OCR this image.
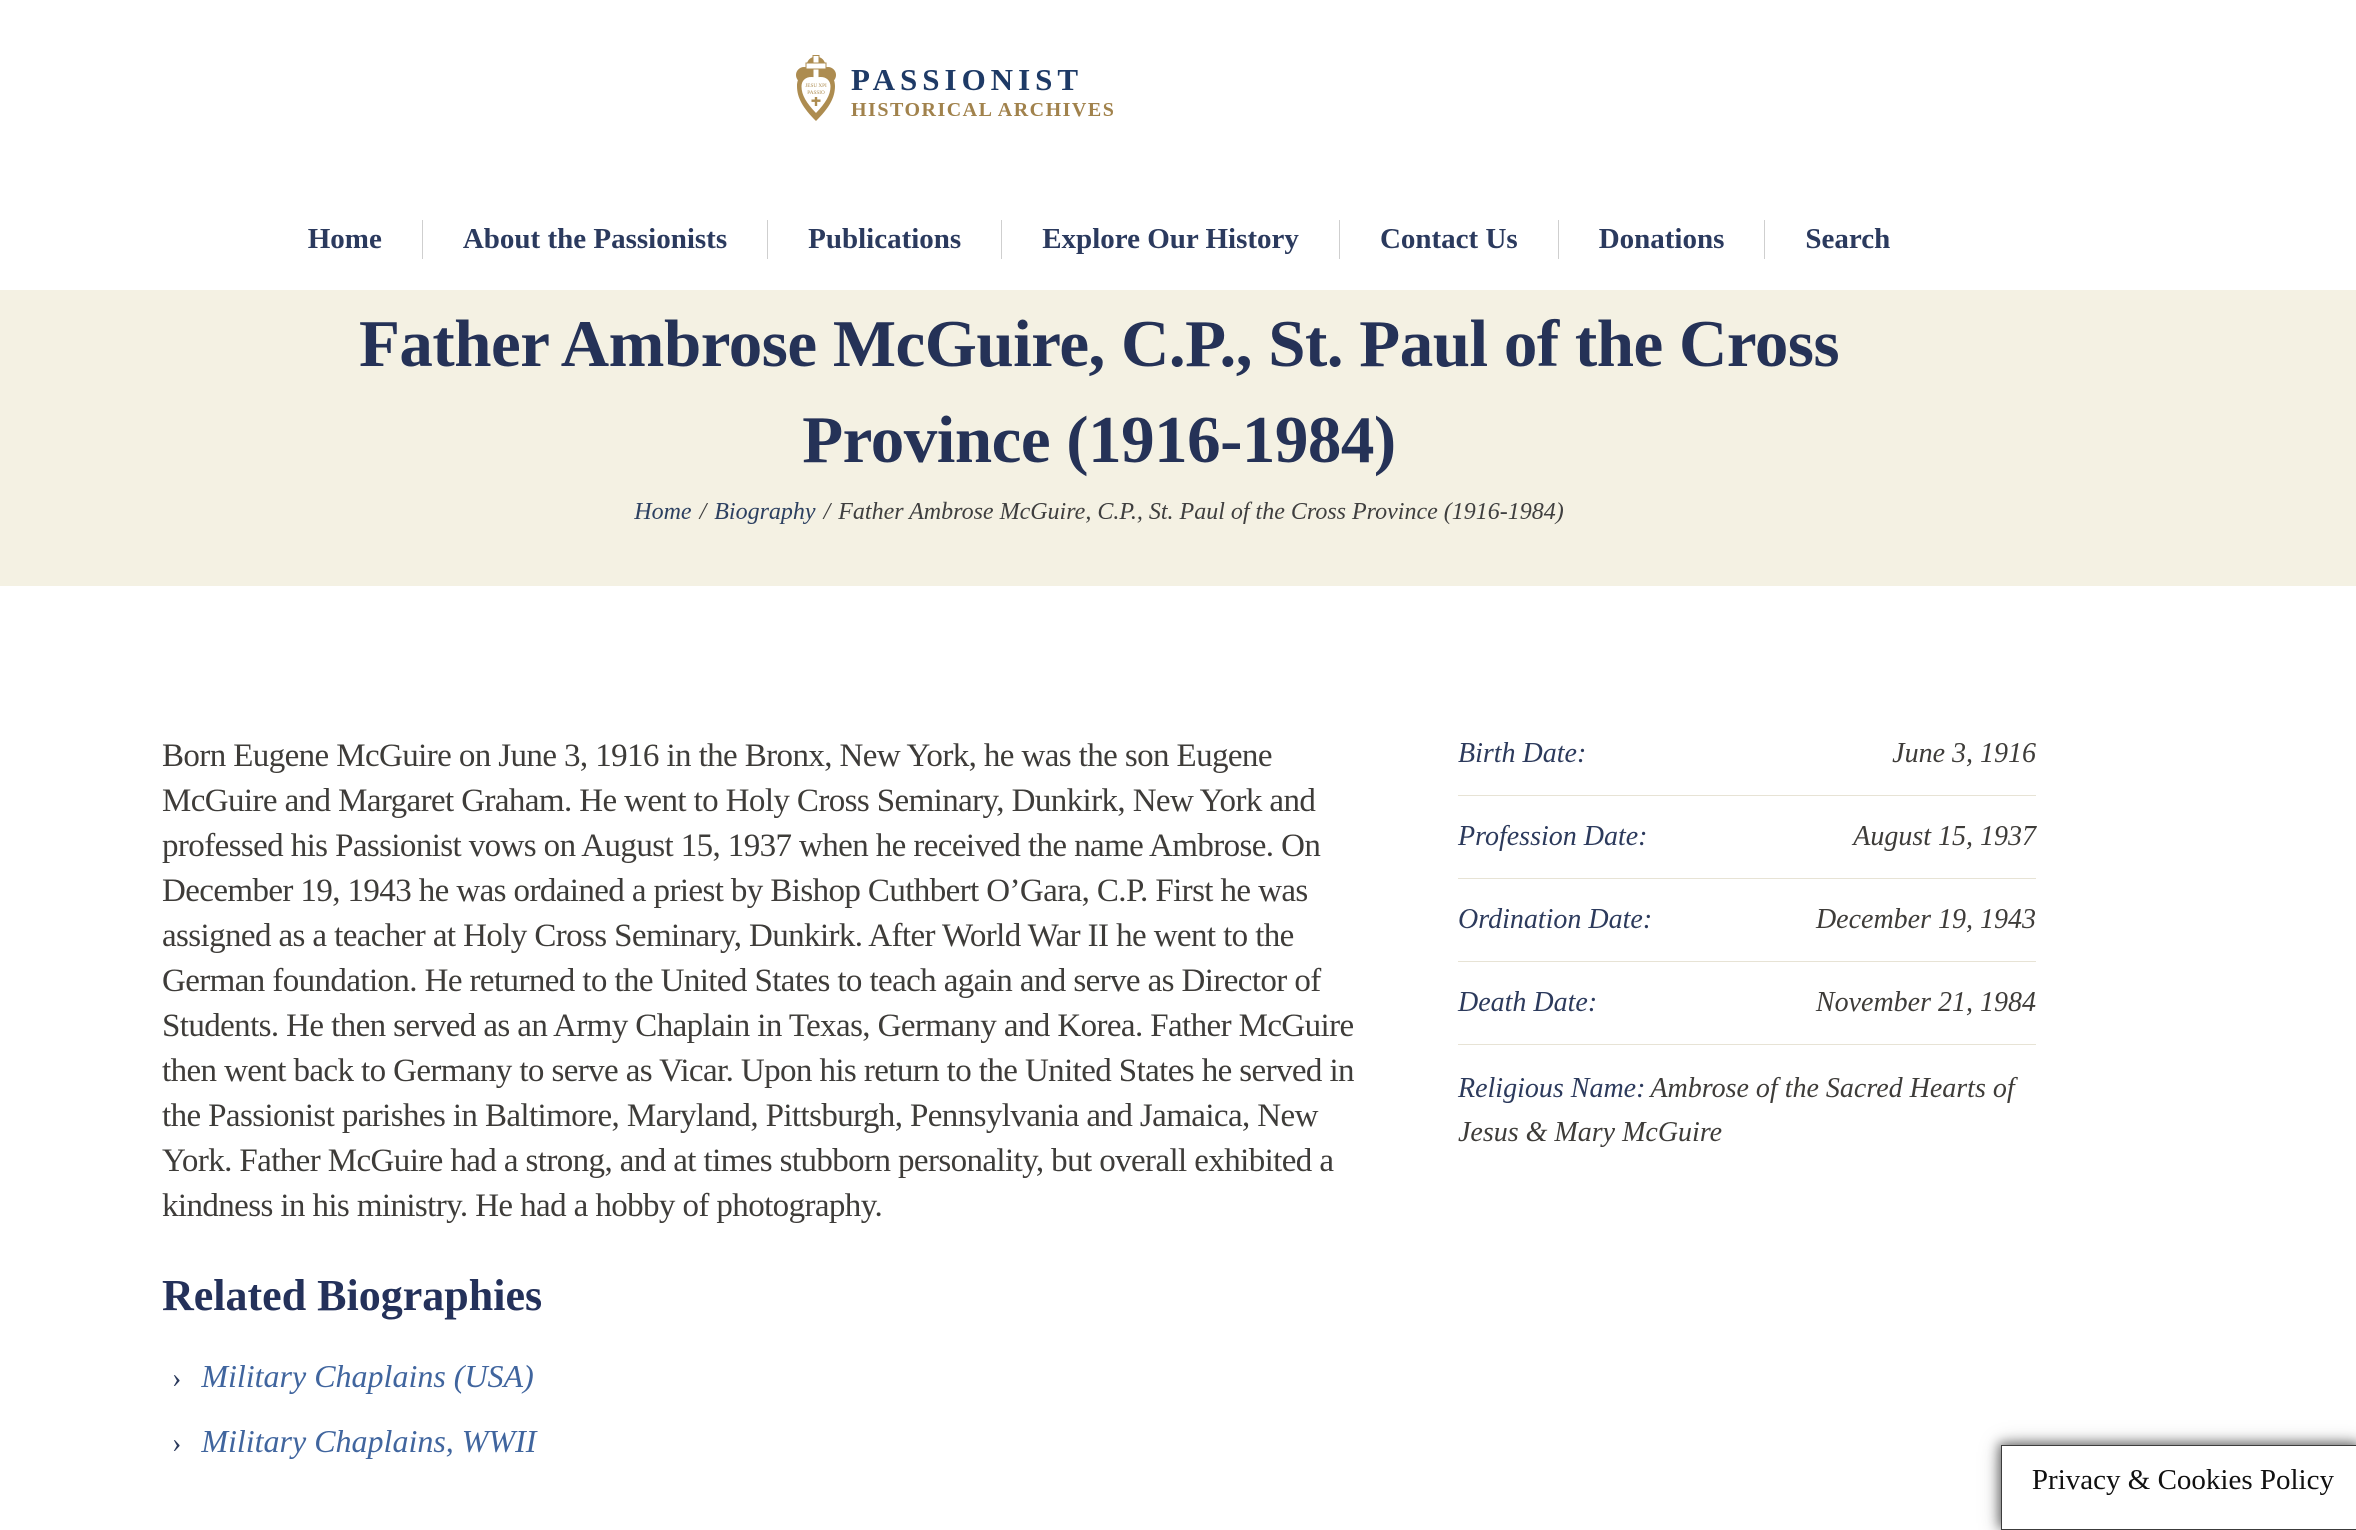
JESU XPI
PASSIO PASSIONIST
HISTORICAL ARCHIVES
Home	About the Passionists	Publications	Explore Our History	Contact Us	Donations	Search
Father Ambrose McGuire, C.P., St. Paul of the Cross
Province (1916-1984)
Home / Biography / Father Ambrose McGuire, C.P., St. Paul of the Cross Province (1916-1984)

Born Eugene McGuire on June 3, 1916 in the Bronx, New York, he was the son Eugene McGuire and Margaret Graham. He went to Holy Cross Seminary, Dunkirk, New York and professed his Passionist vows on August 15, 1937 when he received the name Ambrose. On December 19, 1943 he was ordained a priest by Bishop Cuthbert O’Gara, C.P. First he was assigned as a teacher at Holy Cross Seminary, Dunkirk. After World War II he went to the German foundation. He returned to the United States to teach again and serve as Director of Students. He then served as an Army Chaplain in Texas, Germany and Korea. Father McGuire then went back to Germany to serve as Vicar. Upon his return to the United States he served in the Passionist parishes in Baltimore, Maryland, Pittsburgh, Pennsylvania and Jamaica, New York. Father McGuire had a strong, and at times stubborn personality, but overall exhibited a kindness in his ministry. He had a hobby of photography.

Related Biographies
› Military Chaplains (USA)
› Military Chaplains, WWII
Birth Date:	June 3, 1916
Profession Date:	August 15, 1937
Ordination Date:	December 19, 1943
Death Date:	November 21, 1984
Religious Name: Ambrose of the Sacred Hearts of Jesus & Mary McGuire
Privacy & Cookies Policy
